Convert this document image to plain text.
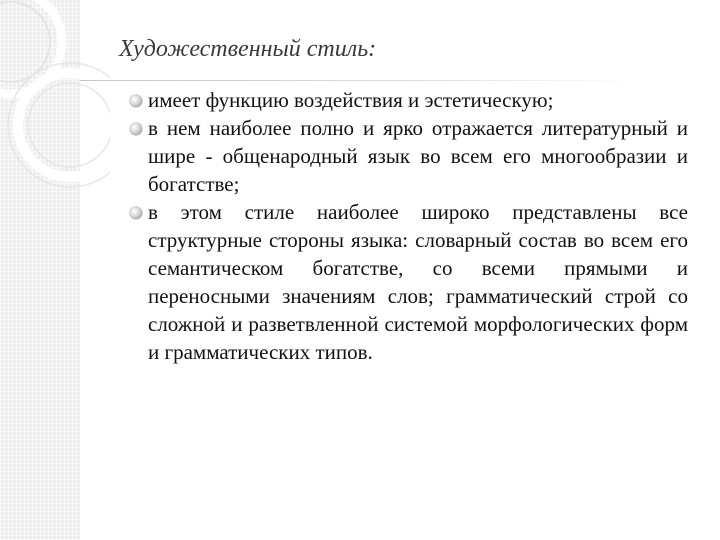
Художественный стиль:
имеет функцию воздействия и эстетическую;
в нем наиболее полно и ярко отражается литературный и шире - общенародный язык во всем его многообразии и богатстве;
в этом стиле наиболее широко представлены все структурные стороны языка: словарный состав во всем его семантическом богатстве, со всеми прямыми и переносными значениям слов; грамматический строй со сложной и разветвленной системой морфологических форм и грамматических типов.
